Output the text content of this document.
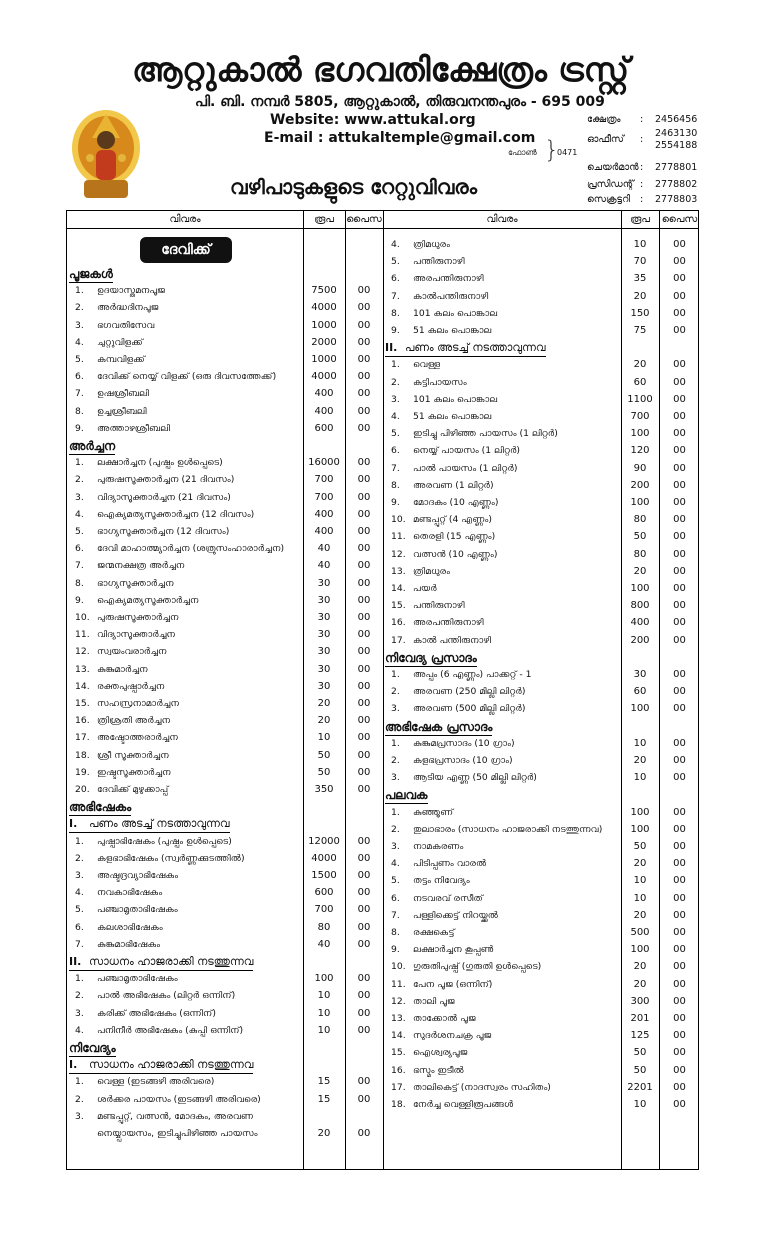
ആറ്റുകാൽ ഭഗവതിക്ഷേത്രം ട്രസ്റ്റ്
പി. ബി. നമ്പർ 5805, ആറ്റുകാൽ, തിരുവനന്തപുരം - 695 009
Website: www.attukal.org
E-mail : attukaltemple@gmail.com
വഴിപാടുകളുടെ റേറ്റുവിവരം
}
ഫോൺ	0471
ക്ഷേത്രം : 2456456
ഓഫീസ് :
2463130
2554188
ചെയർമാൻ : 2778801
പ്രസിഡന്റ് : 2778802
സെക്രട്ടറി : 2778803
ദേവിക്ക്
വിവരം	രൂപ	പൈസ	വിവരം	രൂപ	പൈസ
പൂജകൾ
1.	ഉദയാസ്തമനപൂജ	7500	00
2.	അർദ്ധദിനപൂജ	4000	00
3.	ഭഗവതിസേവ	1000	00
4.	ചുറ്റുവിളക്ക്	2000	00
5.	കമ്പവിളക്ക്	1000	00
6.	ദേവിക്ക് നെയ്യ് വിളക്ക് (ഒരു ദിവസത്തേക്ക്)	4000	00
7.	ഉഷശ്രീബലി	400	00
8.	ഉച്ചശ്രീബലി	400	00
9.	അത്താഴശ്രീബലി	600	00
അർച്ചന
1.	ലക്ഷാർച്ചന (പുഷ്പം ഉൾപ്പെടെ)	16000	00
2.	പുരുഷസൂക്താർച്ചന (21 ദിവസം)	700	00
3.	വിദ്യാസൂക്താർച്ചന (21 ദിവസം)	700	00
4.	ഐക്യമത്യസൂക്താർച്ചന (12 ദിവസം)	400	00
5.	ഭാഗ്യസൂക്താർച്ചന (12 ദിവസം)	400	00
6.	ദേവി മാഹാത്മ്യാർച്ചന (ശത്രുസംഹാരാർച്ചന)	40	00
7.	ജന്മനക്ഷത്ര അർച്ചന	40	00
8.	ഭാഗ്യസൂക്താർച്ചന	30	00
9.	ഐക്യമത്യസൂക്താർച്ചന	30	00
10. പുരുഷസൂക്താർച്ചന	30	00
11. വിദ്യാസൂക്താർച്ചന	30	00
12. സ്വയംവരാർച്ചന	30	00
13. കുങ്കുമാർച്ചന	30	00
14. രക്തപുഷ്പാർച്ചന	30	00
15. സഹസ്രനാമാർച്ചന	20	00
16. ത്രിശ്രതി അർച്ചന	20	00
17. അഷ്ടോത്തരാർച്ചന	10	00
18. ശ്രീ സൂക്താർച്ചന	50	00
19. ഇഷ്ടസൂക്താർച്ചന	50	00
20. ദേവിക്ക് മുഴുക്കാപ്പ്	350	00
അഭിഷേകം
I. പണം അടച്ച് നടത്താവുന്നവ
1.	പുഷ്പാഭിഷേകം (പുഷ്പം ഉൾപ്പെടെ)	12000	00
2.	കളഭാഭിഷേകം (സ്വർണ്ണക്കുടത്തിൽ)	4000	00
3.	അഷ്ടദ്രവ്യാഭിഷേകം	1500	00
4.	നവകാഭിഷേകം	600	00
5.	പഞ്ചാമൃതാഭിഷേകം	700	00
6.	കലശാഭിഷേകം	80	00
7.	കുങ്കുമാഭിഷേകം	40	00
II. സാധനം ഹാജരാക്കി നടത്തുന്നവ
1.	പഞ്ചാമൃതാഭിഷേകം	100	00
2.	പാൽ അഭിഷേകം (ലിറ്റർ ഒന്നിന്)	10	00
3.	കരിക്ക് അഭിഷേകം (ഒന്നിന്)	10	00
4.	പനിനീർ അഭിഷേകം (കുപ്പി ഒന്നിന്)	10	00
നിവേദ്യം
I. സാധനം ഹാജരാക്കി നടത്തുന്നവ
1.	വെള്ള (ഇടങ്ങഴി അരിവരെ)	15	00
2.	ശർക്കര പായസം (ഇടങ്ങഴി അരിവരെ)	15	00
3.	മണ്ടപ്പുറ്റ്, വത്സൻ, മോദകം, അരവണ
നെയ്യ്പായസം, ഇടിച്ചുപിഴിഞ്ഞ പായസം	20	00
4.	ത്രിമധുരം	10	00
5.	പന്തിരുനാഴി	70	00
6.	അരപന്തിരുനാഴി	35	00
7.	കാൽപന്തിരുനാഴി	20	00
8.	101 കലം പൊങ്കാല	150	00
9.	51 കലം പൊങ്കാല	75	00
II. പണം അടച്ച് നടത്താവുന്നവ
1.	വെള്ള	20	00
2.	കട്ടിപായസം	60	00
3.	101 കലം പൊങ്കാല	1100	00
4.	51 കലം പൊങ്കാല	700	00
5.	ഇടിച്ചു പിഴിഞ്ഞ പായസം (1 ലിറ്റർ)	100	00
6.	നെയ്യ് പായസം (1 ലിറ്റർ)	120	00
7.	പാൽ പായസം (1 ലിറ്റർ)	90	00
8.	അരവണ (1 ലിറ്റർ)	200	00
9.	മോദകം (10 എണ്ണം)	100	00
10. മണ്ടപ്പുറ്റ് (4 എണ്ണം)	80	00
11. തെരളി (15 എണ്ണം)	50	00
12. വത്സൻ (10 എണ്ണം)	80	00
13. ത്രിമധുരം	20	00
14. പയർ	100	00
15. പന്തിരുനാഴി	800	00
16. അരപന്തിരുനാഴി	400	00
17. കാൽ പന്തിരുനാഴി	200	00
നിവേദ്യ പ്രസാദം
1.	അപ്പം (6 എണ്ണം) പാക്കറ്റ് - 1	30	00
2.	അരവണ (250 മില്ലി ലിറ്റർ)	60	00
3.	അരവണ (500 മില്ലി ലിറ്റർ)	100	00
അഭിഷേക പ്രസാദം
1.	കുങ്കുമപ്രസാദം (10 ഗ്രാം)	10	00
2.	കളഭപ്രസാദം (10 ഗ്രാം)	20	00
3.	ആടിയ എണ്ണ (50 മില്ലി ലിറ്റർ)	10	00
പലവക
1.	കുഞ്ഞൂണ്	100	00
2.	തുലാഭാരം (സാധനം ഹാജരാക്കി നടത്തുന്നവ)	100	00
3.	നാമകരണം	50	00
4.	പിടിപ്പണം വാരൽ	20	00
5.	തട്ടം നിവേദ്യം	10	00
6.	നടവരവ് രസീത്	10	00
7.	പള്ളിക്കെട്ട് നിറയ്ക്കൽ	20	00
8.	രക്ഷകെട്ട്	500	00
9.	ലക്ഷാർച്ചന കൂപ്പൺ	100	00
10. ഗുരുതിപുഷ്പ് (ഗുരുതി ഉൾപ്പെടെ)	20	00
11. പേന പൂജ (ഒന്നിന്)	20	00
12. താലി പൂജ	300	00
13. താക്കോൽ പൂജ	201	00
14. സുദർശനചക്ര പൂജ	125	00
15. ഐശ്വര്യപൂജ	50	00
16. ഭസ്മം ഇടീൽ	50	00
17. താലികെട്ട് (നാദസ്വരം സഹിതം)	2201	00
18. നേർച്ച വെള്ളിരൂപങ്ങൾ	10	00
